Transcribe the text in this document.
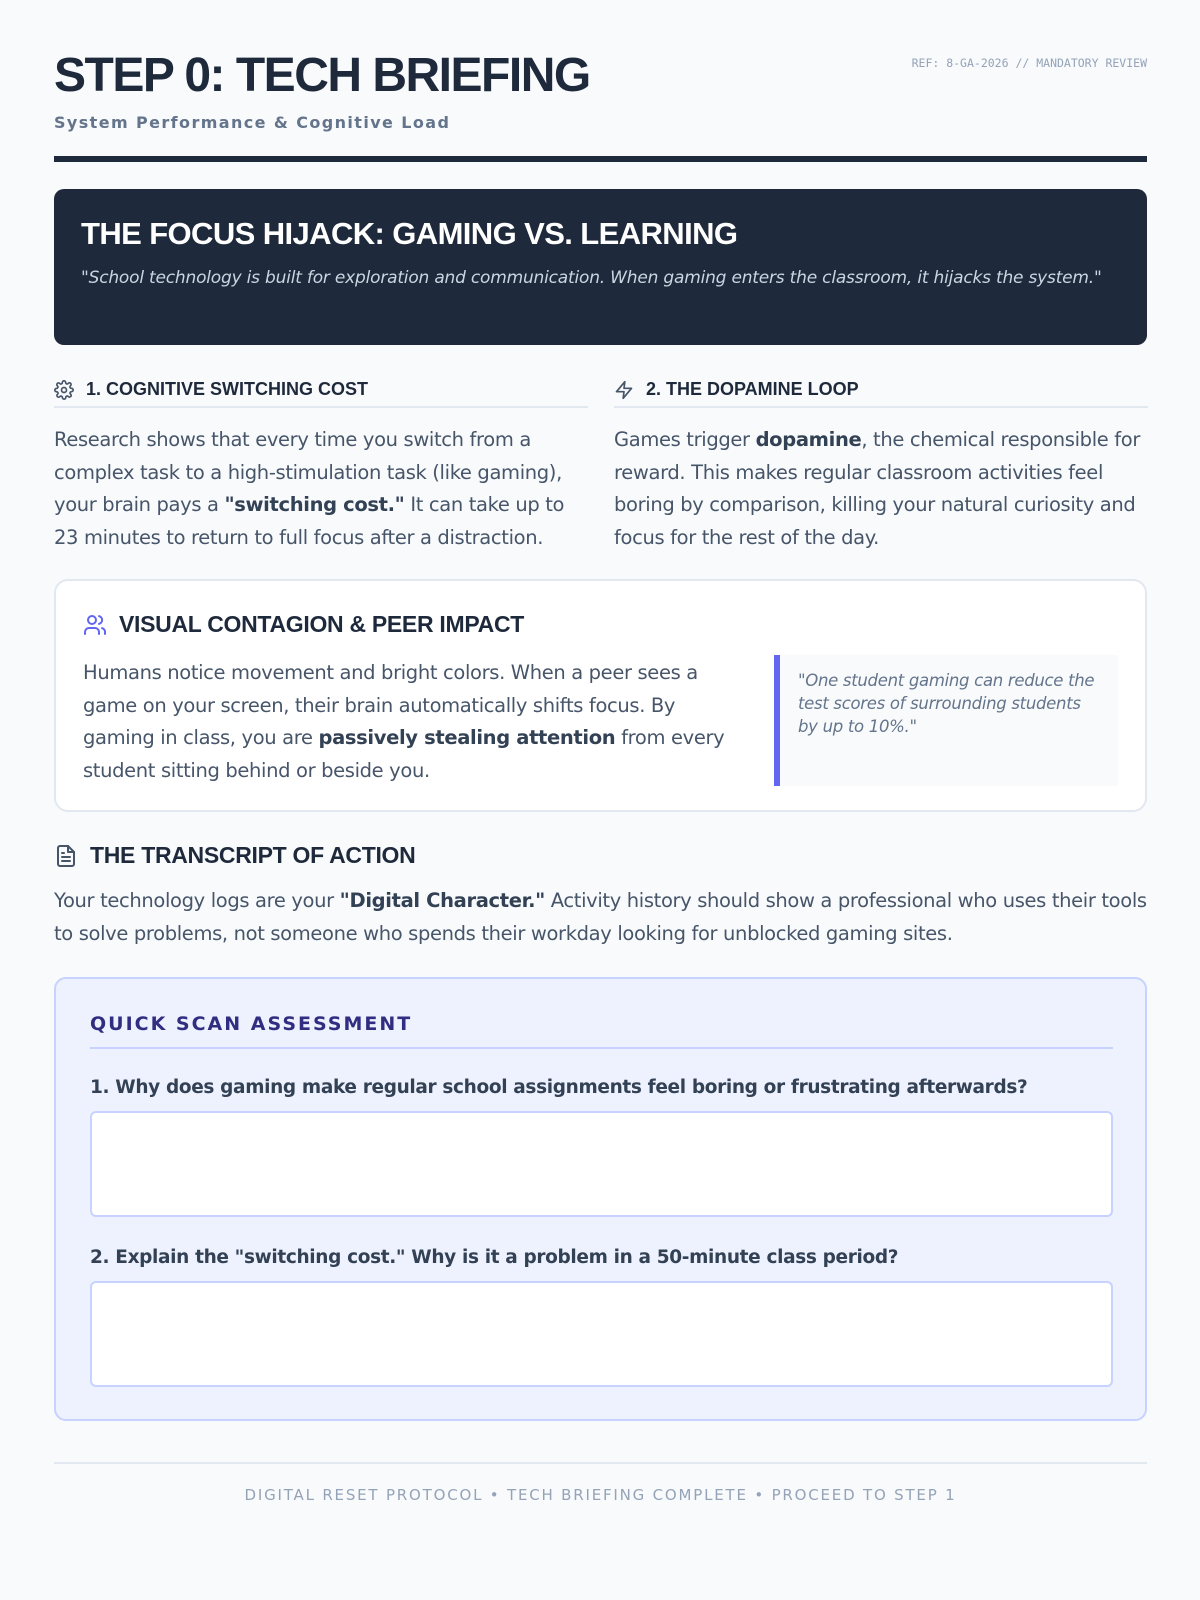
STEP 0: TECH BRIEFING
System Performance & Cognitive Load
REF: 8-GA-2026 // MANDATORY REVIEW
THE FOCUS HIJACK: GAMING VS. LEARNING
"School technology is built for exploration and communication. When gaming enters the classroom, it hijacks the system."
1. COGNITIVE SWITCHING COST
Research shows that every time you switch from a complex task to a high-stimulation task (like gaming), your brain pays a "switching cost." It can take up to 23 minutes to return to full focus after a distraction.
2. THE DOPAMINE LOOP
Games trigger dopamine, the chemical responsible for reward. This makes regular classroom activities feel boring by comparison, killing your natural curiosity and focus for the rest of the day.
VISUAL CONTAGION & PEER IMPACT
Humans notice movement and bright colors. When a peer sees a game on your screen, their brain automatically shifts focus. By gaming in class, you are passively stealing attention from every student sitting behind or beside you.
"One student gaming can reduce the test scores of surrounding students by up to 10%."
THE TRANSCRIPT OF ACTION
Your technology logs are your "Digital Character." Activity history should show a professional who uses their tools to solve problems, not someone who spends their workday looking for unblocked gaming sites.
QUICK SCAN ASSESSMENT
1. Why does gaming make regular school assignments feel boring or frustrating afterwards?
2. Explain the "switching cost." Why is it a problem in a 50-minute class period?
DIGITAL RESET PROTOCOL • TECH BRIEFING COMPLETE • PROCEED TO STEP 1
